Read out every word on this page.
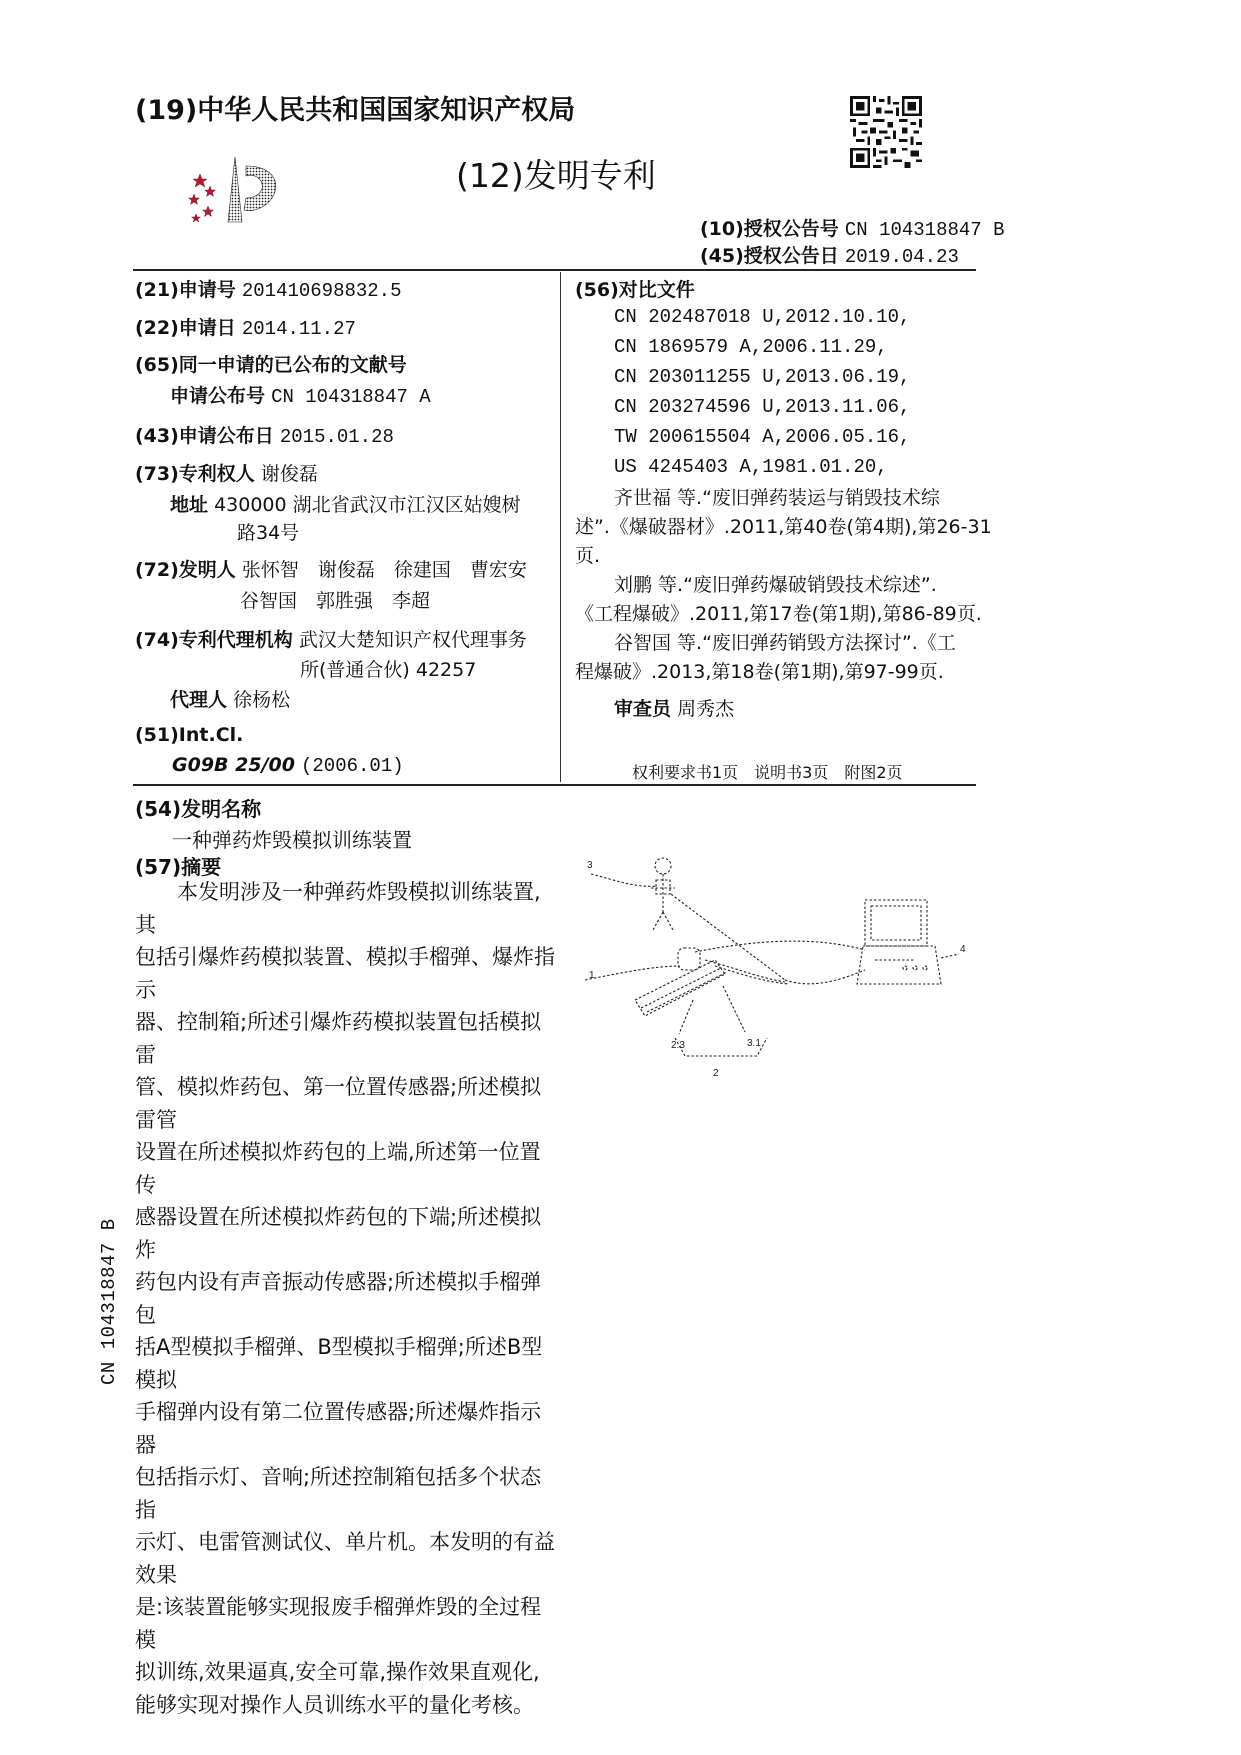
(19)中华人民共和国国家知识产权局
(12)发明专利
(10)授权公告号 CN 104318847 B
(45)授权公告日 2019.04.23
(21)申请号 201410698832.5
(22)申请日 2014.11.27
(65)同一申请的已公布的文献号
申请公布号 CN 104318847 A
(43)申请公布日 2015.01.28
(73)专利权人 谢俊磊
地址 430000 湖北省武汉市江汉区姑嫂树
路34号
(72)发明人 张怀智　谢俊磊　徐建国　曹宏安
谷智国　郭胜强　李超
(74)专利代理机构 武汉大楚知识产权代理事务
所(普通合伙) 42257
代理人 徐杨松
(51)Int.Cl.
G09B 25/00 (2006.01)
(56)对比文件
CN 202487018 U,2012.10.10,
CN 1869579 A,2006.11.29,
CN 203011255 U,2013.06.19,
CN 203274596 U,2013.11.06,
TW 200615504 A,2006.05.16,
US 4245403 A,1981.01.20,
齐世福 等.“废旧弹药装运与销毁技术综
述”.《爆破器材》.2011,第40卷(第4期),第26-31
页.
刘鹏 等.“废旧弹药爆破销毁技术综述”.
《工程爆破》.2011,第17卷(第1期),第86-89页.
谷智国 等.“废旧弹药销毁方法探讨”.《工
程爆破》.2013,第18卷(第1期),第97-99页.
审查员 周秀杰
权利要求书1页　说明书3页　附图2页
(54)发明名称
一种弹药炸毁模拟训练装置
(57)摘要
　　本发明涉及一种弹药炸毁模拟训练装置,其
包括引爆炸药模拟装置、模拟手榴弹、爆炸指示
器、控制箱;所述引爆炸药模拟装置包括模拟雷
管、模拟炸药包、第一位置传感器;所述模拟雷管
设置在所述模拟炸药包的上端,所述第一位置传
感器设置在所述模拟炸药包的下端;所述模拟炸
药包内设有声音振动传感器;所述模拟手榴弹包
括A型模拟手榴弹、B型模拟手榴弹;所述B型模拟
手榴弹内设有第二位置传感器;所述爆炸指示器
包括指示灯、音响;所述控制箱包括多个状态指
示灯、电雷管测试仪、单片机。本发明的有益效果
是:该装置能够实现报废手榴弹炸毁的全过程模
拟训练,效果逼真,安全可靠,操作效果直观化,
能够实现对操作人员训练水平的量化考核。
3
4
1
2.3	3.1
2
CN 104318847 B
